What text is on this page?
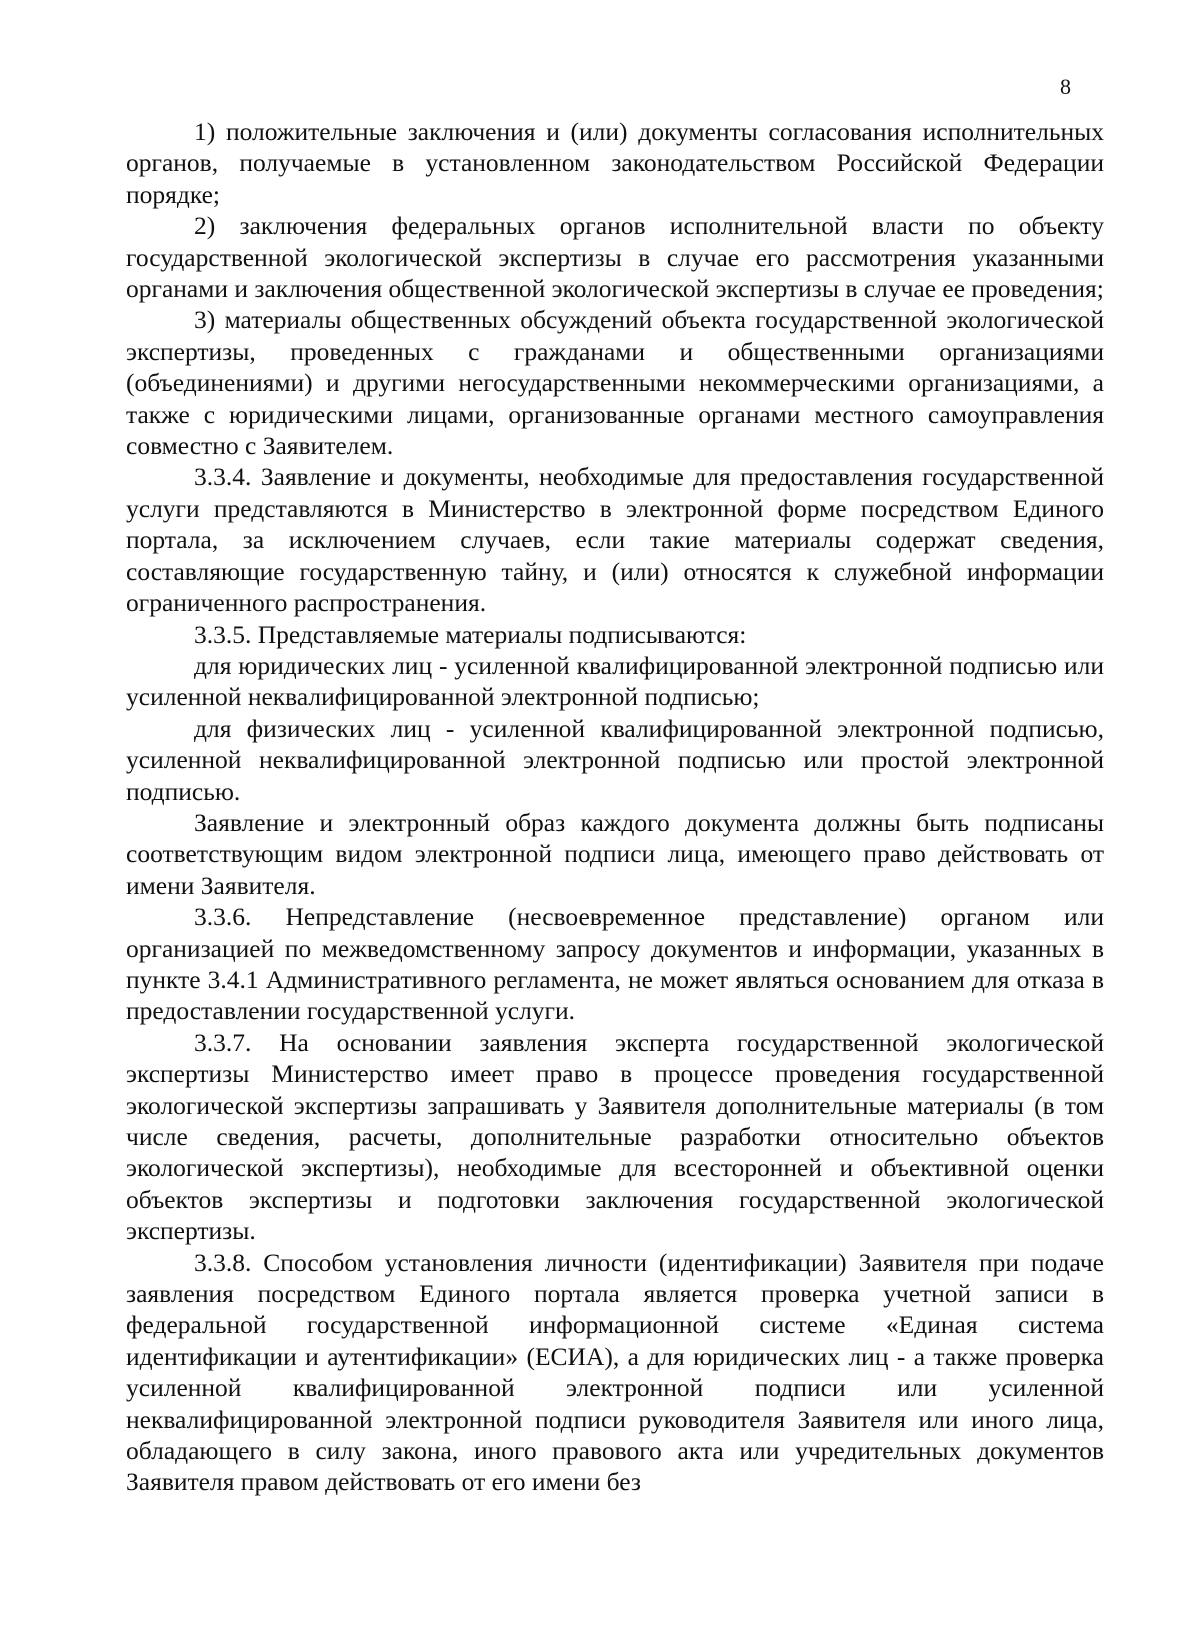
8

1) положительные заключения и (или) документы согласования исполнительных органов, получаемые в установленном законодательством Российской Федерации порядке;

2) заключения федеральных органов исполнительной власти по объекту государственной экологической экспертизы в случае его рассмотрения указанными органами и заключения общественной экологической экспертизы в случае ее проведения;

3) материалы общественных обсуждений объекта государственной экологической экспертизы, проведенных с гражданами и общественными организациями (объединениями) и другими негосударственными некоммерческими организациями, а также с юридическими лицами, организованные органами местного самоуправления совместно с Заявителем.

3.3.4. Заявление и документы, необходимые для предоставления государственной услуги представляются в Министерство в электронной форме посредством Единого портала, за исключением случаев, если такие материалы содержат сведения, составляющие государственную тайну, и (или) относятся к служебной информации ограниченного распространения.

3.3.5. Представляемые материалы подписываются:

для юридических лиц - усиленной квалифицированной электронной подписью или усиленной неквалифицированной электронной подписью;

для физических лиц - усиленной квалифицированной электронной подписью, усиленной неквалифицированной электронной подписью или простой электронной подписью.

Заявление и электронный образ каждого документа должны быть подписаны соответствующим видом электронной подписи лица, имеющего право действовать от имени Заявителя.

3.3.6. Непредставление (несвоевременное представление) органом или организацией по межведомственному запросу документов и информации, указанных в пункте 3.4.1 Административного регламента, не может являться основанием для отказа в предоставлении государственной услуги.

3.3.7. На основании заявления эксперта государственной экологической экспертизы Министерство имеет право в процессе проведения государственной экологической экспертизы запрашивать у Заявителя дополнительные материалы (в том числе сведения, расчеты, дополнительные разработки относительно объектов экологической экспертизы), необходимые для всесторонней и объективной оценки объектов экспертизы и подготовки заключения государственной экологической экспертизы.

3.3.8. Способом установления личности (идентификации) Заявителя при подаче заявления посредством Единого портала является проверка учетной записи в федеральной государственной информационной системе «Единая система идентификации и аутентификации» (ЕСИА), а для юридических лиц - а также проверка усиленной квалифицированной электронной подписи или усиленной неквалифицированной электронной подписи руководителя Заявителя или иного лица, обладающего в силу закона, иного правового акта или учредительных документов Заявителя правом действовать от его имени без
